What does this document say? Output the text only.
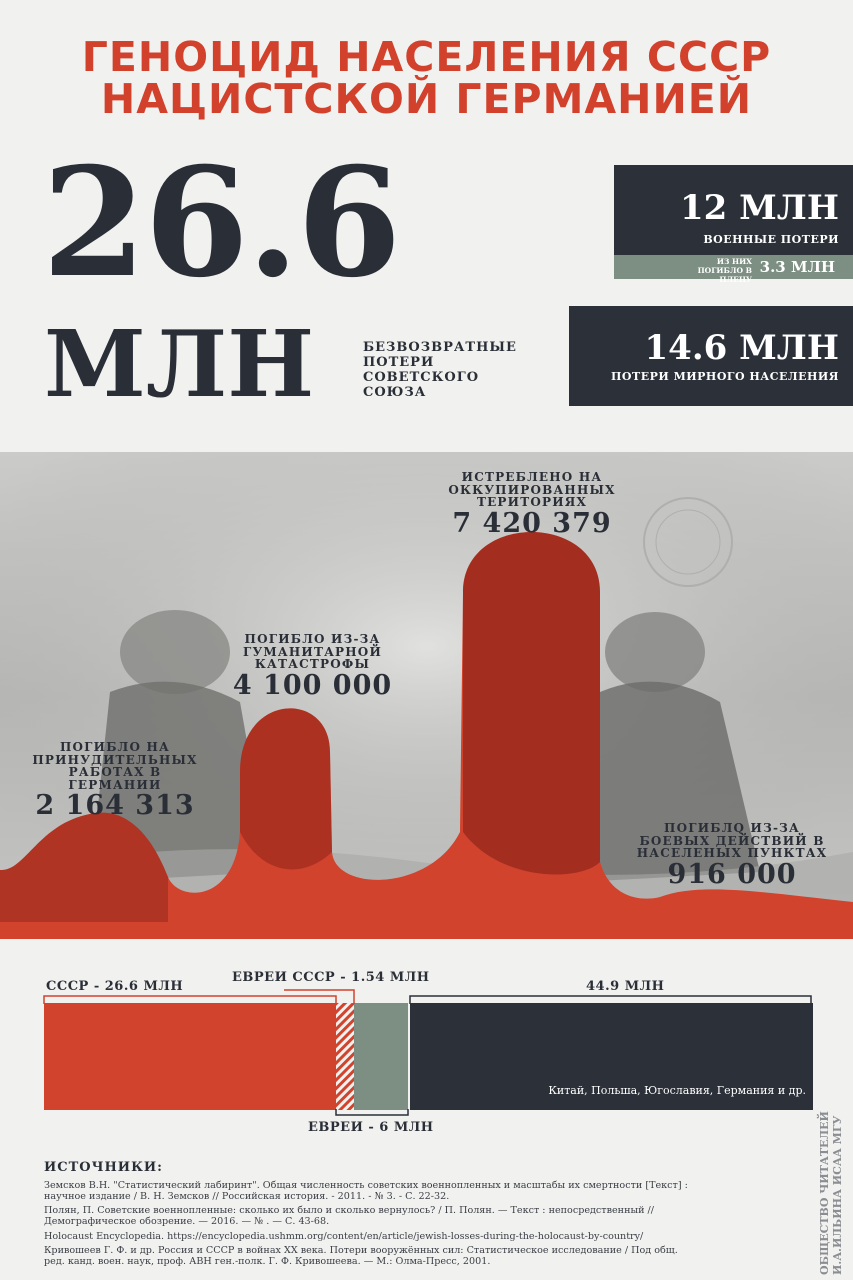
ГЕНОЦИД НАСЕЛЕНИЯ СССР
НАЦИСТСКОЙ ГЕРМАНИЕЙ
26.6
МЛН	БЕЗВОЗВРАТНЫЕ
ПОТЕРИ
СОВЕТСКОГО
СОЮЗА
12 МЛН
ВОЕННЫЕ ПОТЕРИ
ИЗ НИХ
ПОГИБЛО В ПЛЕНУ
3.3 МЛН
14.6 МЛН
ПОТЕРИ МИРНОГО НАСЕЛЕНИЯ
ПОГИБЛО НА
ПРИНУДИТЕЛЬНЫХ
РАБОТАХ В ГЕРМАНИИ
2 164 313
ПОГИБЛО ИЗ-ЗА
ГУМАНИТАРНОЙ
КАТАСТРОФЫ
4 100 000
ИСТРЕБЛЕНО НА
ОККУПИРОВАННЫХ
ТЕРИТОРИЯХ
7 420 379
ПОГИБЛQ ИЗ-ЗА
БОЕВЫХ ДЕЙСТВИЙ В
НАСЕЛЕНЫХ ПУНКТАХ
916 000
СССР - 26.6 МЛН
ЕВРЕИ СССР - 1.54 МЛН
44.9 МЛН
Китай, Польша, Югославия, Германия и др.
ЕВРЕИ - 6 МЛН
ИСТОЧНИКИ:
Земсков В.Н. "Статистический лабиринт". Общая численность советских военнопленных и масштабы их смертности [Текст] :
научное издание / В. Н. Земсков // Российская история. - 2011. - № 3. - С. 22-32.
Полян, П. Советские военнопленные: сколько их было и сколько вернулось? / П. Полян. — Текст : непосредственный //
Демографическое обозрение. — 2016. — № . — С. 43-68.
Holocaust Encyclopedia. https://encyclopedia.ushmm.org/content/en/article/jewish-losses-during-the-holocaust-by-country/
Кривошеев Г. Ф. и др. Россия и СССР в войнах XX века. Потери вооружённых сил: Статистическое исследование / Под общ.
ред. канд. воен. наук, проф. АВН ген.-полк. Г. Ф. Кривошеева. — М.: Олма-Пресс, 2001.	ОБЩЕСТВО ЧИТАТЕЛЕЙ И.А.ИЛЬИНА ИСАА МГУ
